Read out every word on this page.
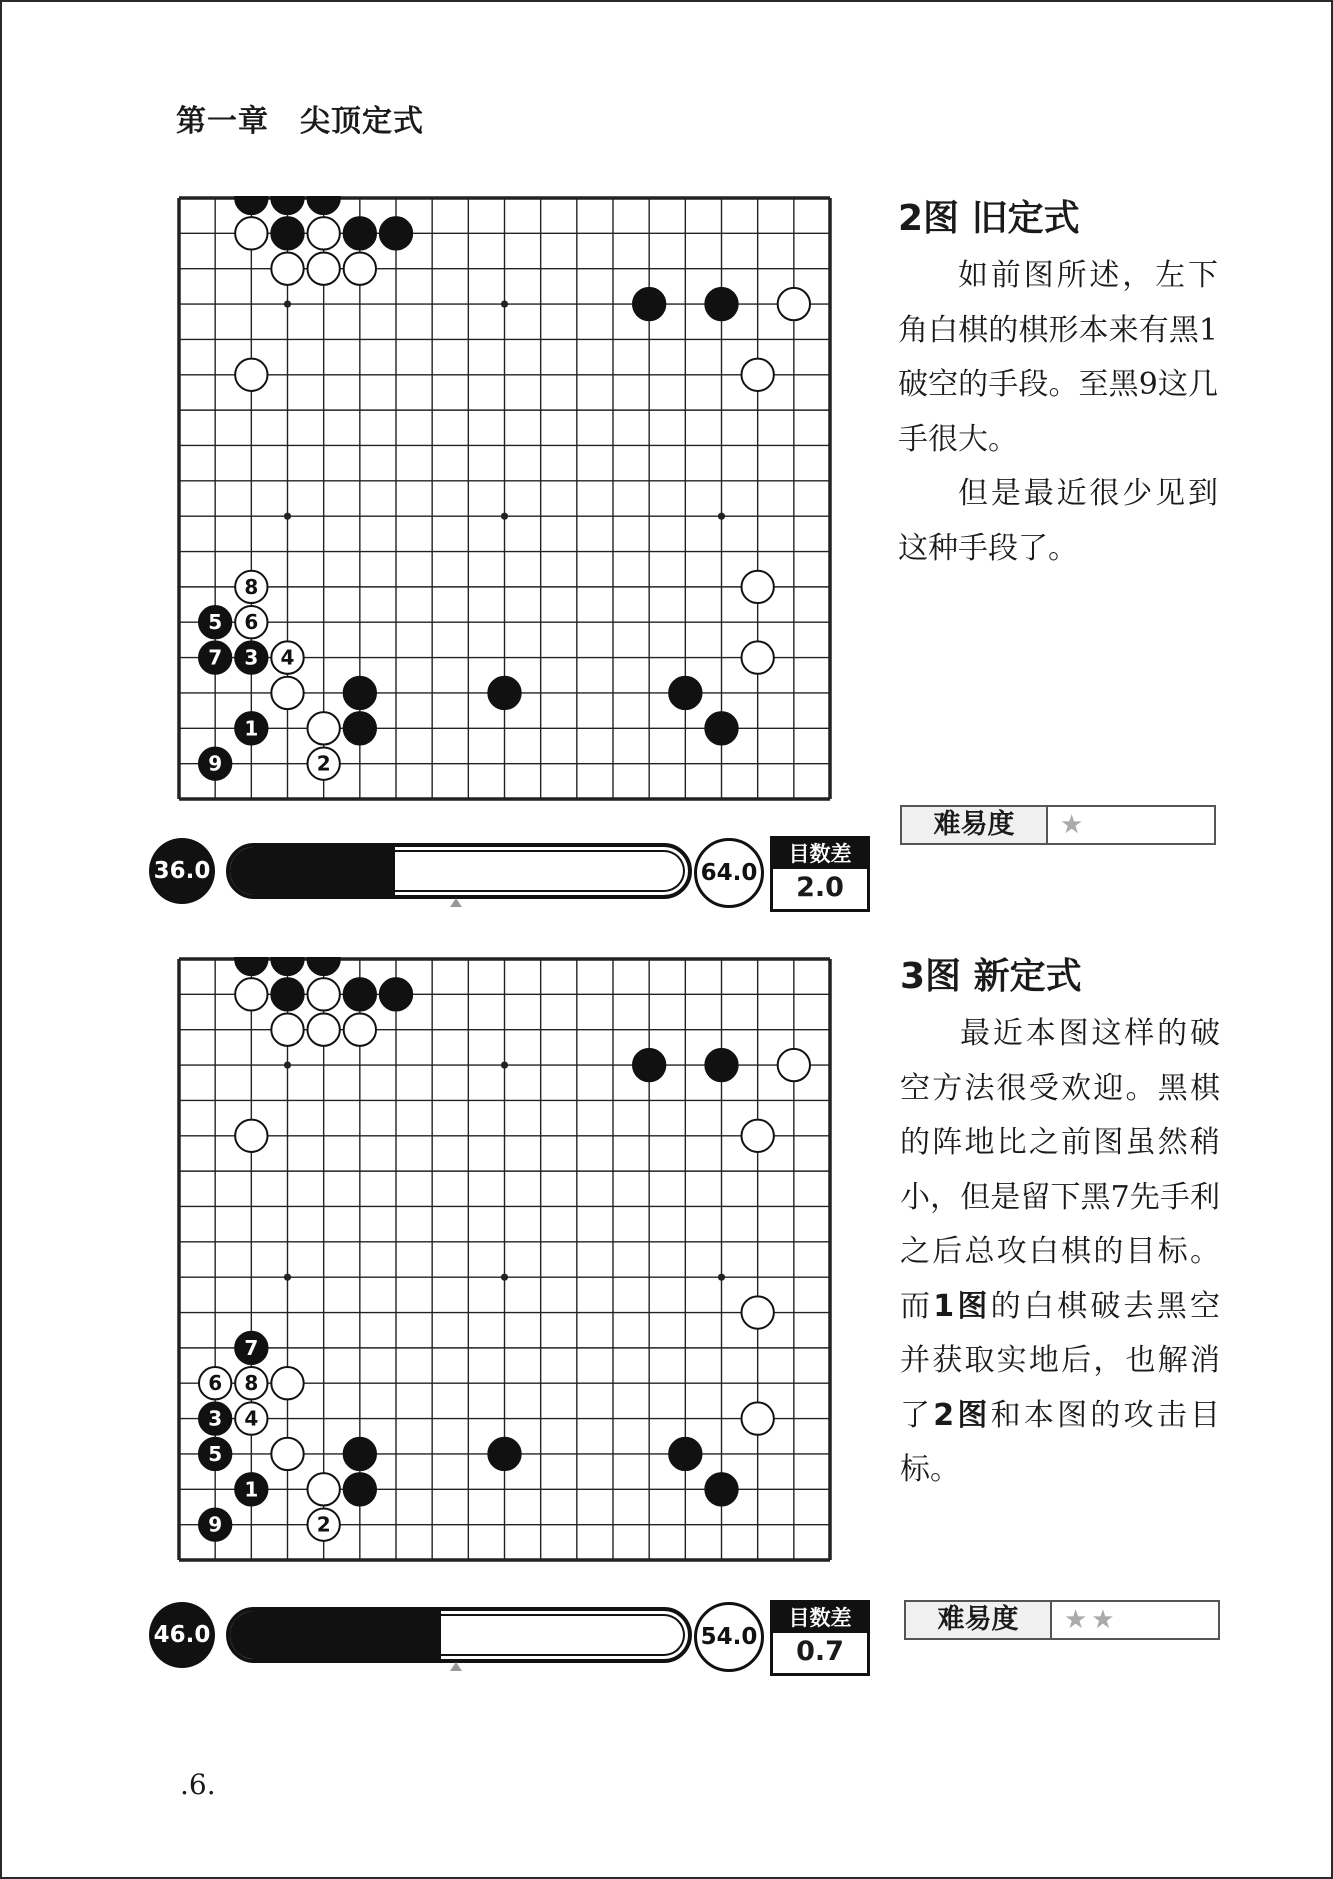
第一章　尖顶定式
1
3
5
7
9	2
4
6
8
2图 旧定式
如前图所述，左下角白棋的棋形本来有黑1破空的手段。至黑9这几手很大。
但是最近很少见到这种手段了。
难易度	★
36.0	64.0
目数差
2.0
1
3
5
7
9	2
4
6 8
3图 新定式
最近本图这样的破空方法很受欢迎。黑棋的阵地比之前图虽然稍小，但是留下黑7先手利之后总攻白棋的目标。而1图的白棋破去黑空并获取实地后，也解消了2图和本图的攻击目标。
难易度	★★
46.0	54.0
目数差
0.7
.6.
